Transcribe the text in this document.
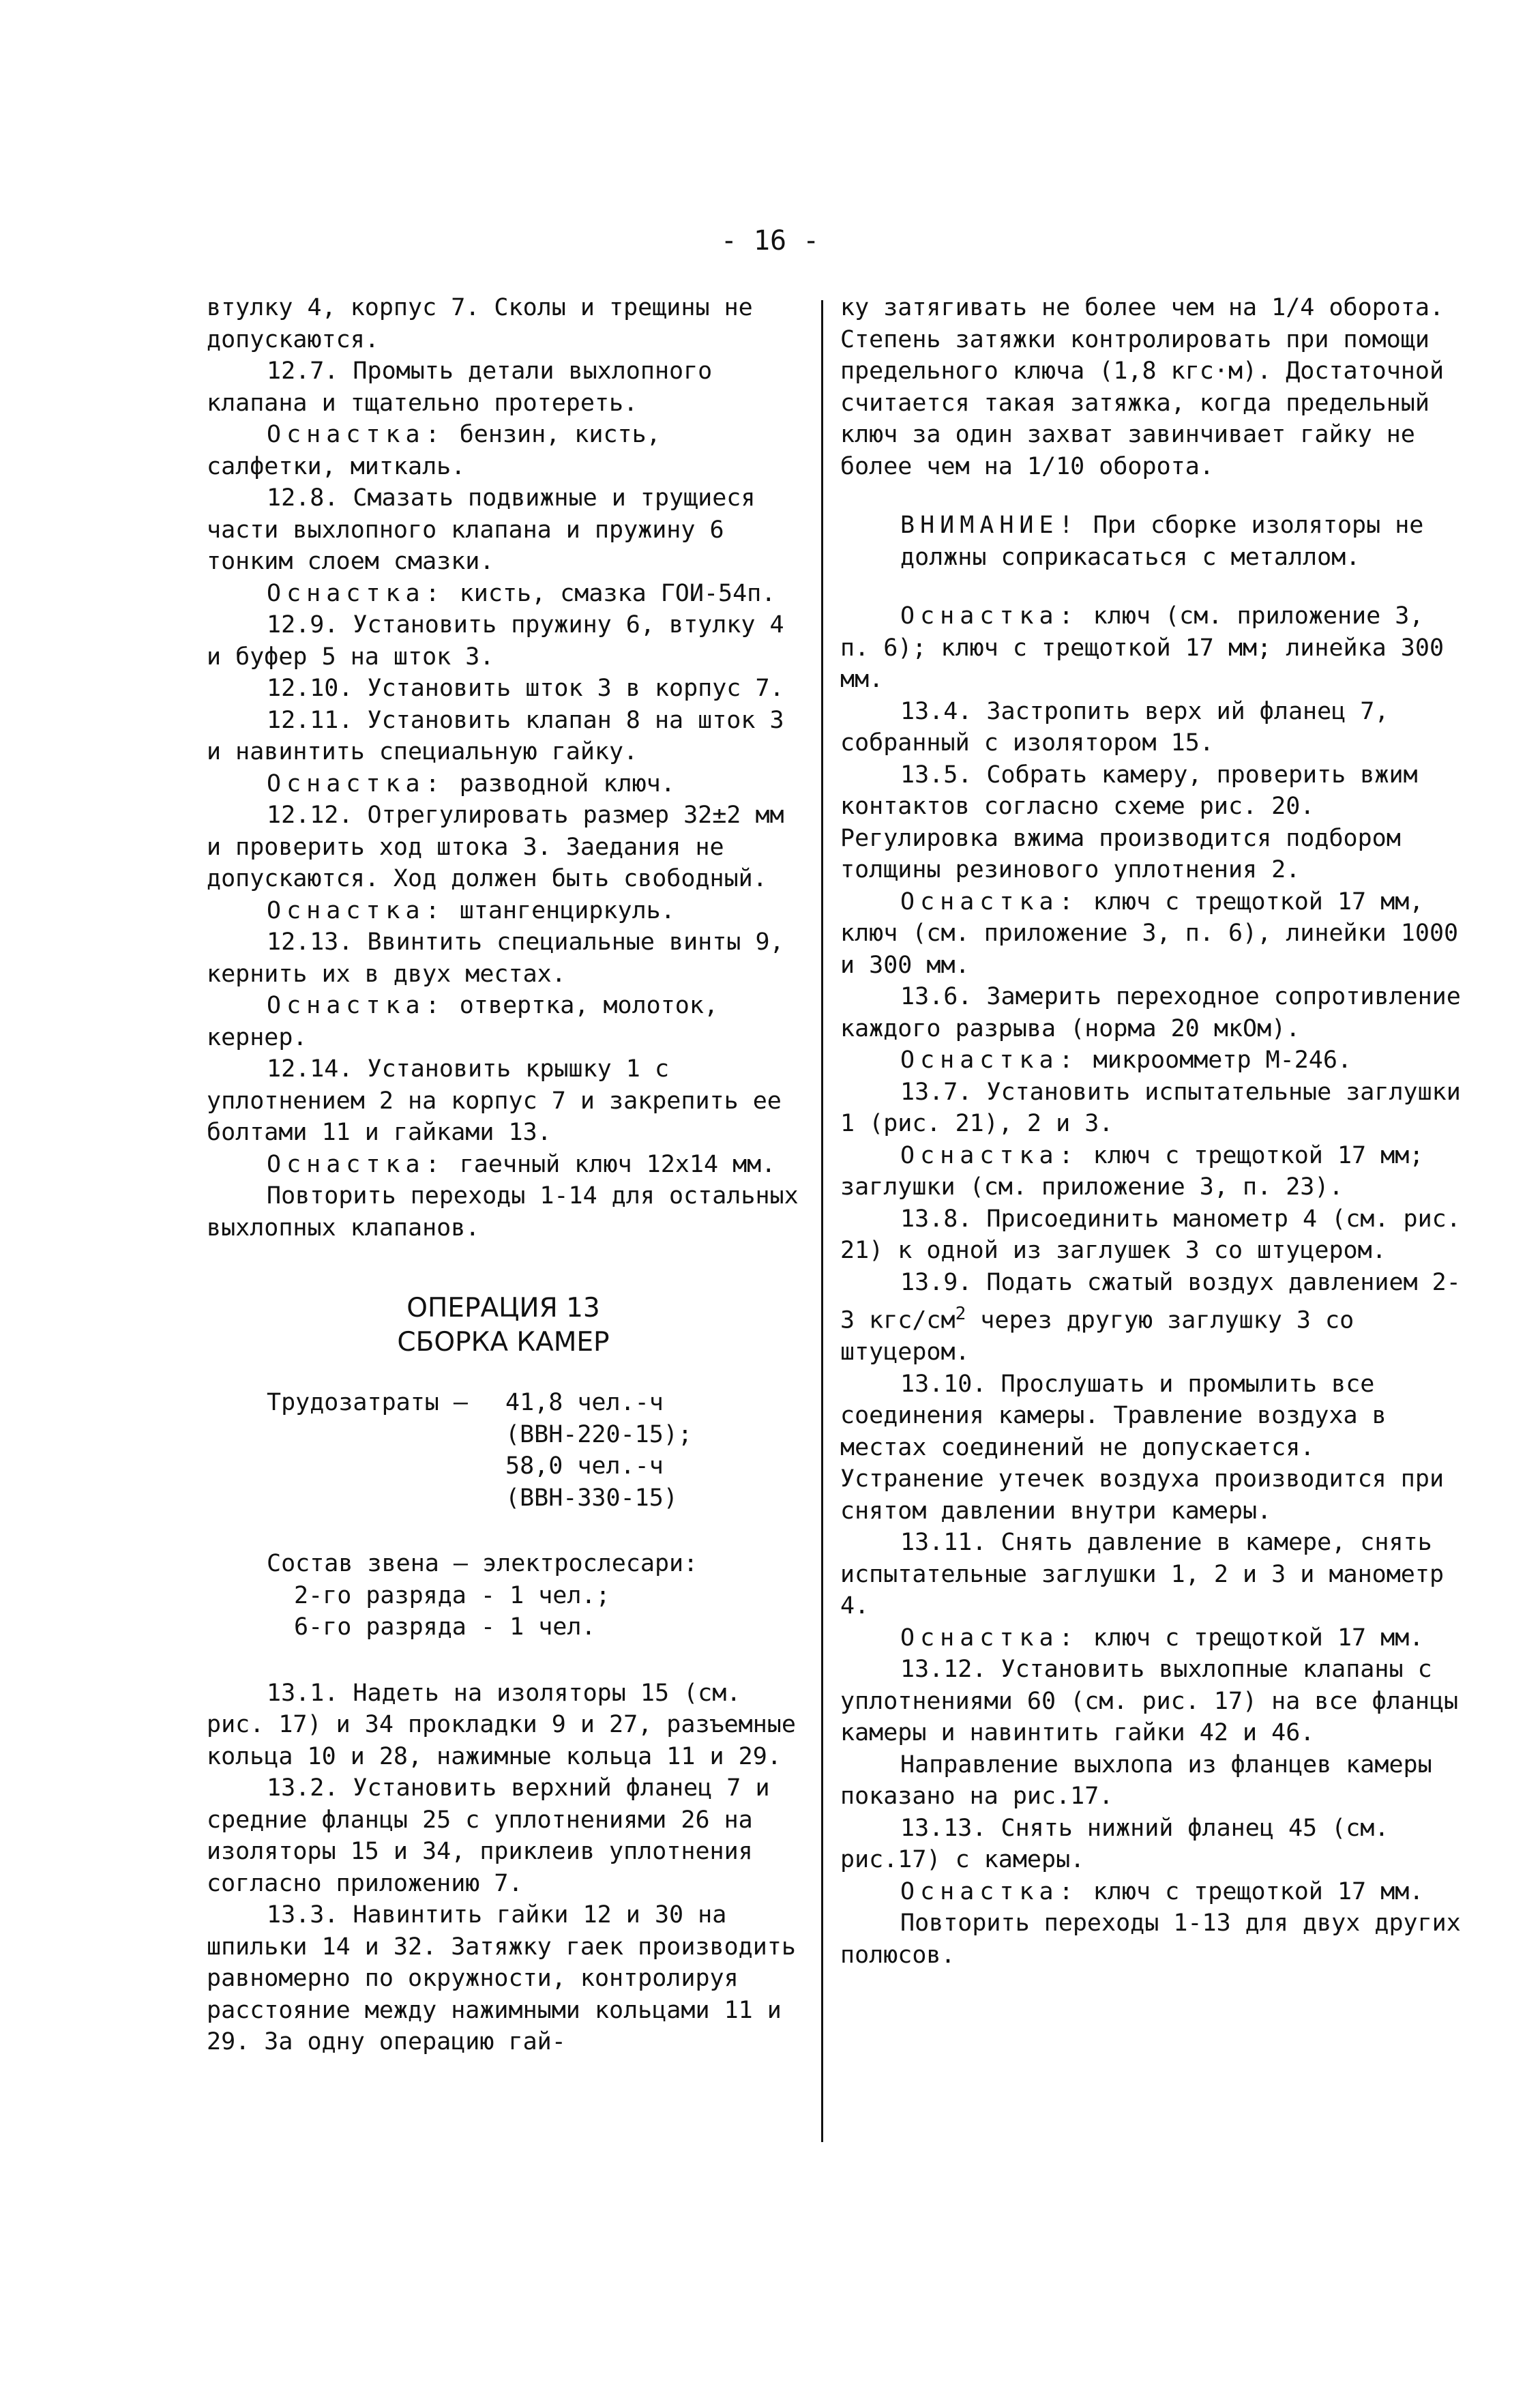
- 16 -

втулку 4, корпус 7. Сколы и трещины не допускаются.

12.7. Промыть детали выхлопного клапана и тщательно протереть.

Оснастка: бензин, кисть, салфетки, миткаль.

12.8. Смазать подвижные и трущиеся части выхлопного клапана и пружину 6 тонким слоем смазки.

Оснастка: кисть, смазка ГОИ-54п.

12.9. Установить пружину 6, втулку 4 и буфер 5 на шток 3.

12.10. Установить шток 3 в корпус 7.

12.11. Установить клапан 8 на шток 3 и навинтить специальную гайку.

Оснастка: разводной ключ.

12.12. Отрегулировать размер 32±2 мм и проверить ход штока 3. Заедания не допускаются. Ход должен быть свободный.

Оснастка: штангенциркуль.

12.13. Ввинтить специальные винты 9, кернить их в двух местах.

Оснастка: отвертка, молоток, кернер.

12.14. Установить крышку 1 с уплотнением 2 на корпус 7 и закрепить ее болтами 11 и гайками 13.

Оснастка: гаечный ключ 12x14 мм.

Повторить переходы 1-14 для остальных выхлопных клапанов.

ОПЕРАЦИЯ 13
СБОРКА КАМЕР
Трудозатраты —	41,8 чел.-ч
(ВВН-220-15);
58,0 чел.-ч
(ВВН-330-15)
Состав звена — электрослесари:
2-го разряда - 1 чел.;
6-го разряда - 1 чел.

13.1. Надеть на изоляторы 15 (см. рис. 17) и 34 прокладки 9 и 27, разъемные кольца 10 и 28, нажимные кольца 11 и 29.

13.2. Установить верхний фланец 7 и средние фланцы 25 с уплотнениями 26 на изоляторы 15 и 34, приклеив уплотнения согласно приложению 7.

13.3. Навинтить гайки 12 и 30 на шпильки 14 и 32. Затяжку гаек производить равномерно по окружности, контролируя расстояние между нажимными кольцами 11 и 29. За одну операцию гай-

ку затягивать не более чем на 1/4 оборота. Степень затяжки контролировать при помощи предельного ключа (1,8 кгс·м). Достаточной считается такая затяжка, когда предельный ключ за один захват завинчивает гайку не более чем на 1/10 оборота.

ВНИМАНИЕ! При сборке изоляторы не должны соприкасаться с металлом.

Оснастка: ключ (см. приложение 3, п. 6); ключ с трещоткой 17 мм; линейка 300 мм.

13.4. Застропить верх ий фланец 7, собранный с изолятором 15.

13.5. Собрать камеру, проверить вжим контактов согласно схеме рис. 20. Регулировка вжима производится подбором толщины резинового уплотнения 2.

Оснастка: ключ с трещоткой 17 мм, ключ (см. приложение 3, п. 6), линейки 1000 и 300 мм.

13.6. Замерить переходное сопротивление каждого разрыва (норма 20 мкОм).

Оснастка: микроомметр М-246.

13.7. Установить испытательные заглушки 1 (рис. 21), 2 и 3.

Оснастка: ключ с трещоткой 17 мм; заглушки (см. приложение 3, п. 23).

13.8. Присоединить манометр 4 (см. рис. 21) к одной из заглушек 3 со штуцером.

13.9. Подать сжатый воздух давлением 2-3 кгс/$см^2$ через другую заглушку 3 со штуцером.

13.10. Прослушать и промылить все соединения камеры. Травление воздуха в местах соединений не допускается. Устранение утечек воздуха производится при снятом давлении внутри камеры.

13.11. Снять давление в камере, снять испытательные заглушки 1, 2 и 3 и манометр 4.

Оснастка: ключ с трещоткой 17 мм.

13.12. Установить выхлопные клапаны с уплотнениями 60 (см. рис. 17) на все фланцы камеры и навинтить гайки 42 и 46.

Направление выхлопа из фланцев камеры показано на рис.17.

13.13. Снять нижний фланец 45 (см. рис.17) с камеры.

Оснастка: ключ с трещоткой 17 мм.

Повторить переходы 1-13 для двух других полюсов.
